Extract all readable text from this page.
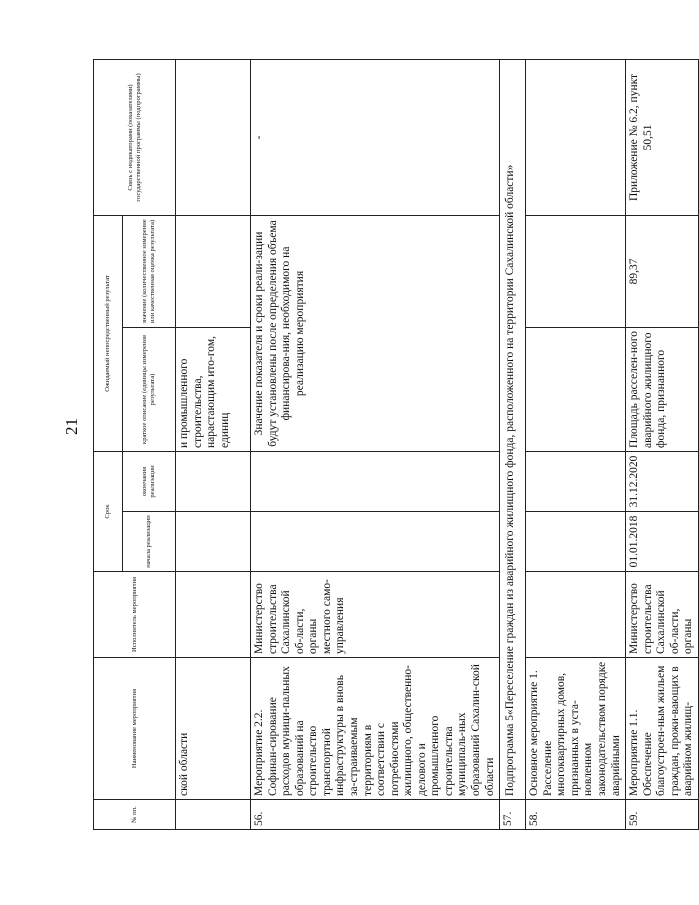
21
№ пп.	Наименование мероприятия	Исполнитель мероприятия	Срок		Ожидаемый непосредственный результат		Связь с индикаторами (показателями) государственной программы (подпрограммы)
			начала реализации	окончания реализации	краткое описание (единицы измерения результата)	значение (количественное измерение или качественная оценка результата)	
	ской области				и промышленного строительства, нарастающим ито-гом, единиц		
56.	Мероприятие 2.2. Софинан-сирование расходов муници-пальных образований на строительство транспортной инфраструктуры в вновь за-страиваемым территориям в соответствии с потребностями жилищного, общественно-делового и промышленного строительства муниципаль-ных образований Сахалин-ской области	Министерство строительства Сахалинской об-ласти, органы местного само-управления			Значение показателя и сроки реали-зации будут установлены после определения объема финансирова-ния, необходимого на реализацию мероприятия		-
57.	Подпрограмма 5«Переселение граждан из аварийного жилищного фонда, расположенного на территории Сахалинской области»						
58.	Основное мероприятие 1. Расселение многоквартирных домов, признанных в уста-новленном законодательством порядке аварийными						
59.	Мероприятие 1.1. Обеспечение благоустроен-ным жильем граждан, прожи-вающих в аварийном жилищ-	Министерство строительства Сахалинской об-ласти, органы	01.01.2018	31.12.2020	Площадь расселен-ного аварийного жилищного фонда, признанного	89,37	Приложение № 6.2, пункт 50,51
